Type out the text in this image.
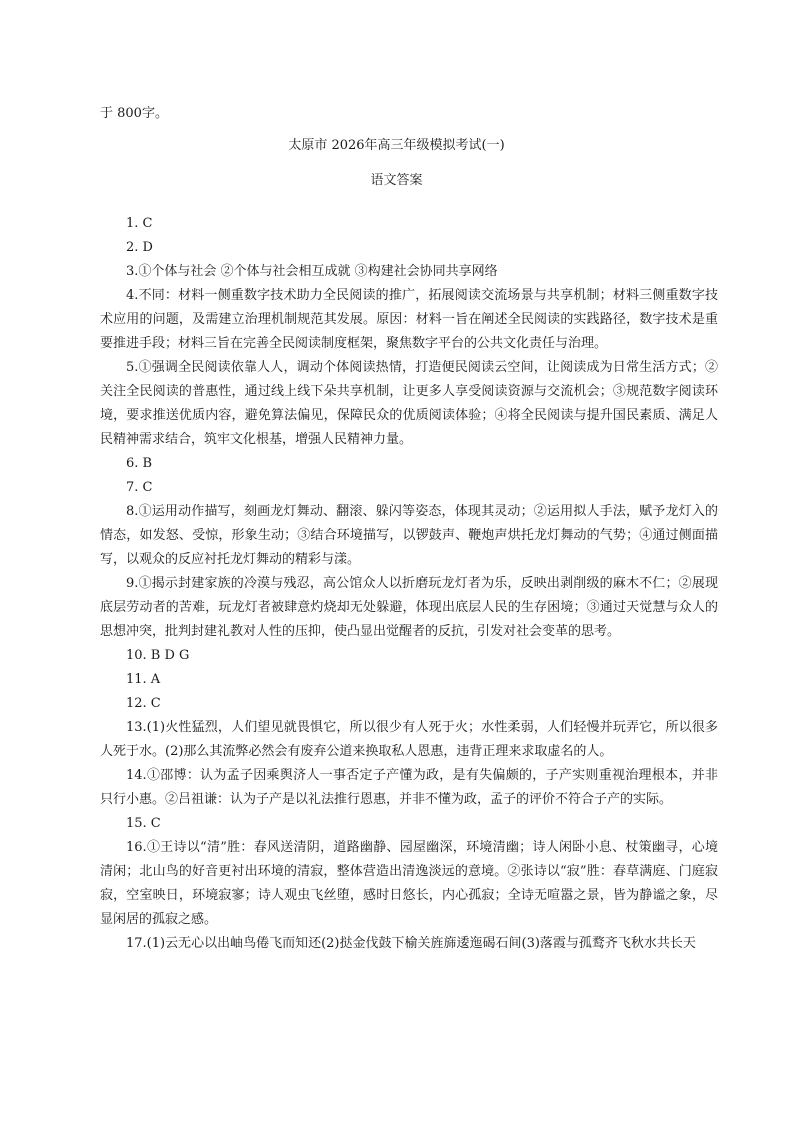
于 800字。
太原市 2026年高三年级模拟考试(一)
语文答案

1. C

2. D

3.①个体与社会 ②个体与社会相互成就 ③构建社会协同共享网络

4.不同：材料一侧重数字技术助力全民阅读的推广，拓展阅读交流场景与共享机制；材料三侧重数字技术应用的问题，及需建立治理机制规范其发展。原因：材料一旨在阐述全民阅读的实践路径，数字技术是重要推进手段；材料三旨在完善全民阅读制度框架，聚焦数字平台的公共文化责任与治理。

5.①强调全民阅读依靠人人，调动个体阅读热情，打造便民阅读云空间，让阅读成为日常生活方式；②关注全民阅读的普惠性，通过线上线下朵共享机制，让更多人享受阅读资源与交流机会；③规范数字阅读环境，要求推送优质内容，避免算法偏见，保障民众的优质阅读体验；④将全民阅读与提升国民素质、满足人民精神需求结合，筑牢文化根基，增强人民精神力量。

6. B

7. C

8.①运用动作描写，刻画龙灯舞动、翻滚、躲闪等姿态，体现其灵动；②运用拟人手法，赋予龙灯入的情态，如发怒、受惊，形象生动；③结合环境描写，以锣鼓声、鞭炮声烘托龙灯舞动的气势；④通过侧面描写，以观众的反应衬托龙灯舞动的精彩与漾。

9.①揭示封建家族的冷漠与残忍，高公馆众人以折磨玩龙灯者为乐，反映出剥削级的麻木不仁；②展现底层劳动者的苦难，玩龙灯者被肆意灼烧却无处躲避，体现出底层人民的生存困境；③通过天觉慧与众人的思想冲突，批判封建礼教对人性的压抑，使凸显出觉醒者的反抗，引发对社会变革的思考。

10. B D G

11. A

12. C

13.(1)火性猛烈，人们望见就畏惧它，所以很少有人死于火；水性柔弱，人们轻慢并玩弄它，所以很多人死于水。(2)那么其流弊必然会有废弃公道来换取私人恩惠，违背正理来求取虚名的人。

14.①邵博：认为孟子因乘舆济人一事否定子产懂为政，是有失偏颇的，子产实则重视治理根本，并非只行小惠。②吕祖谦：认为子产是以礼法推行恩惠，并非不懂为政，孟子的评价不符合子产的实际。

15. C

16.①王诗以“清”胜：春风送清阴，道路幽静、园屋幽深，环境清幽；诗人闲卧小息、杖策幽寻，心境清闲；北山鸟的好音更衬出环境的清寂，整体营造出清逸淡远的意境。②张诗以“寂”胜：春草满庭、门庭寂寂，空室映日，环境寂寥；诗人观虫飞丝堕，感时日悠长，内心孤寂；全诗无喧嚣之景，皆为静谧之象，尽显闲居的孤寂之感。

17.(1)云无心以出岫鸟倦飞而知还(2)挞金伐鼓下榆关旌旆逶迤碣石间(3)落霞与孤鹜齐飞秋水共长天
